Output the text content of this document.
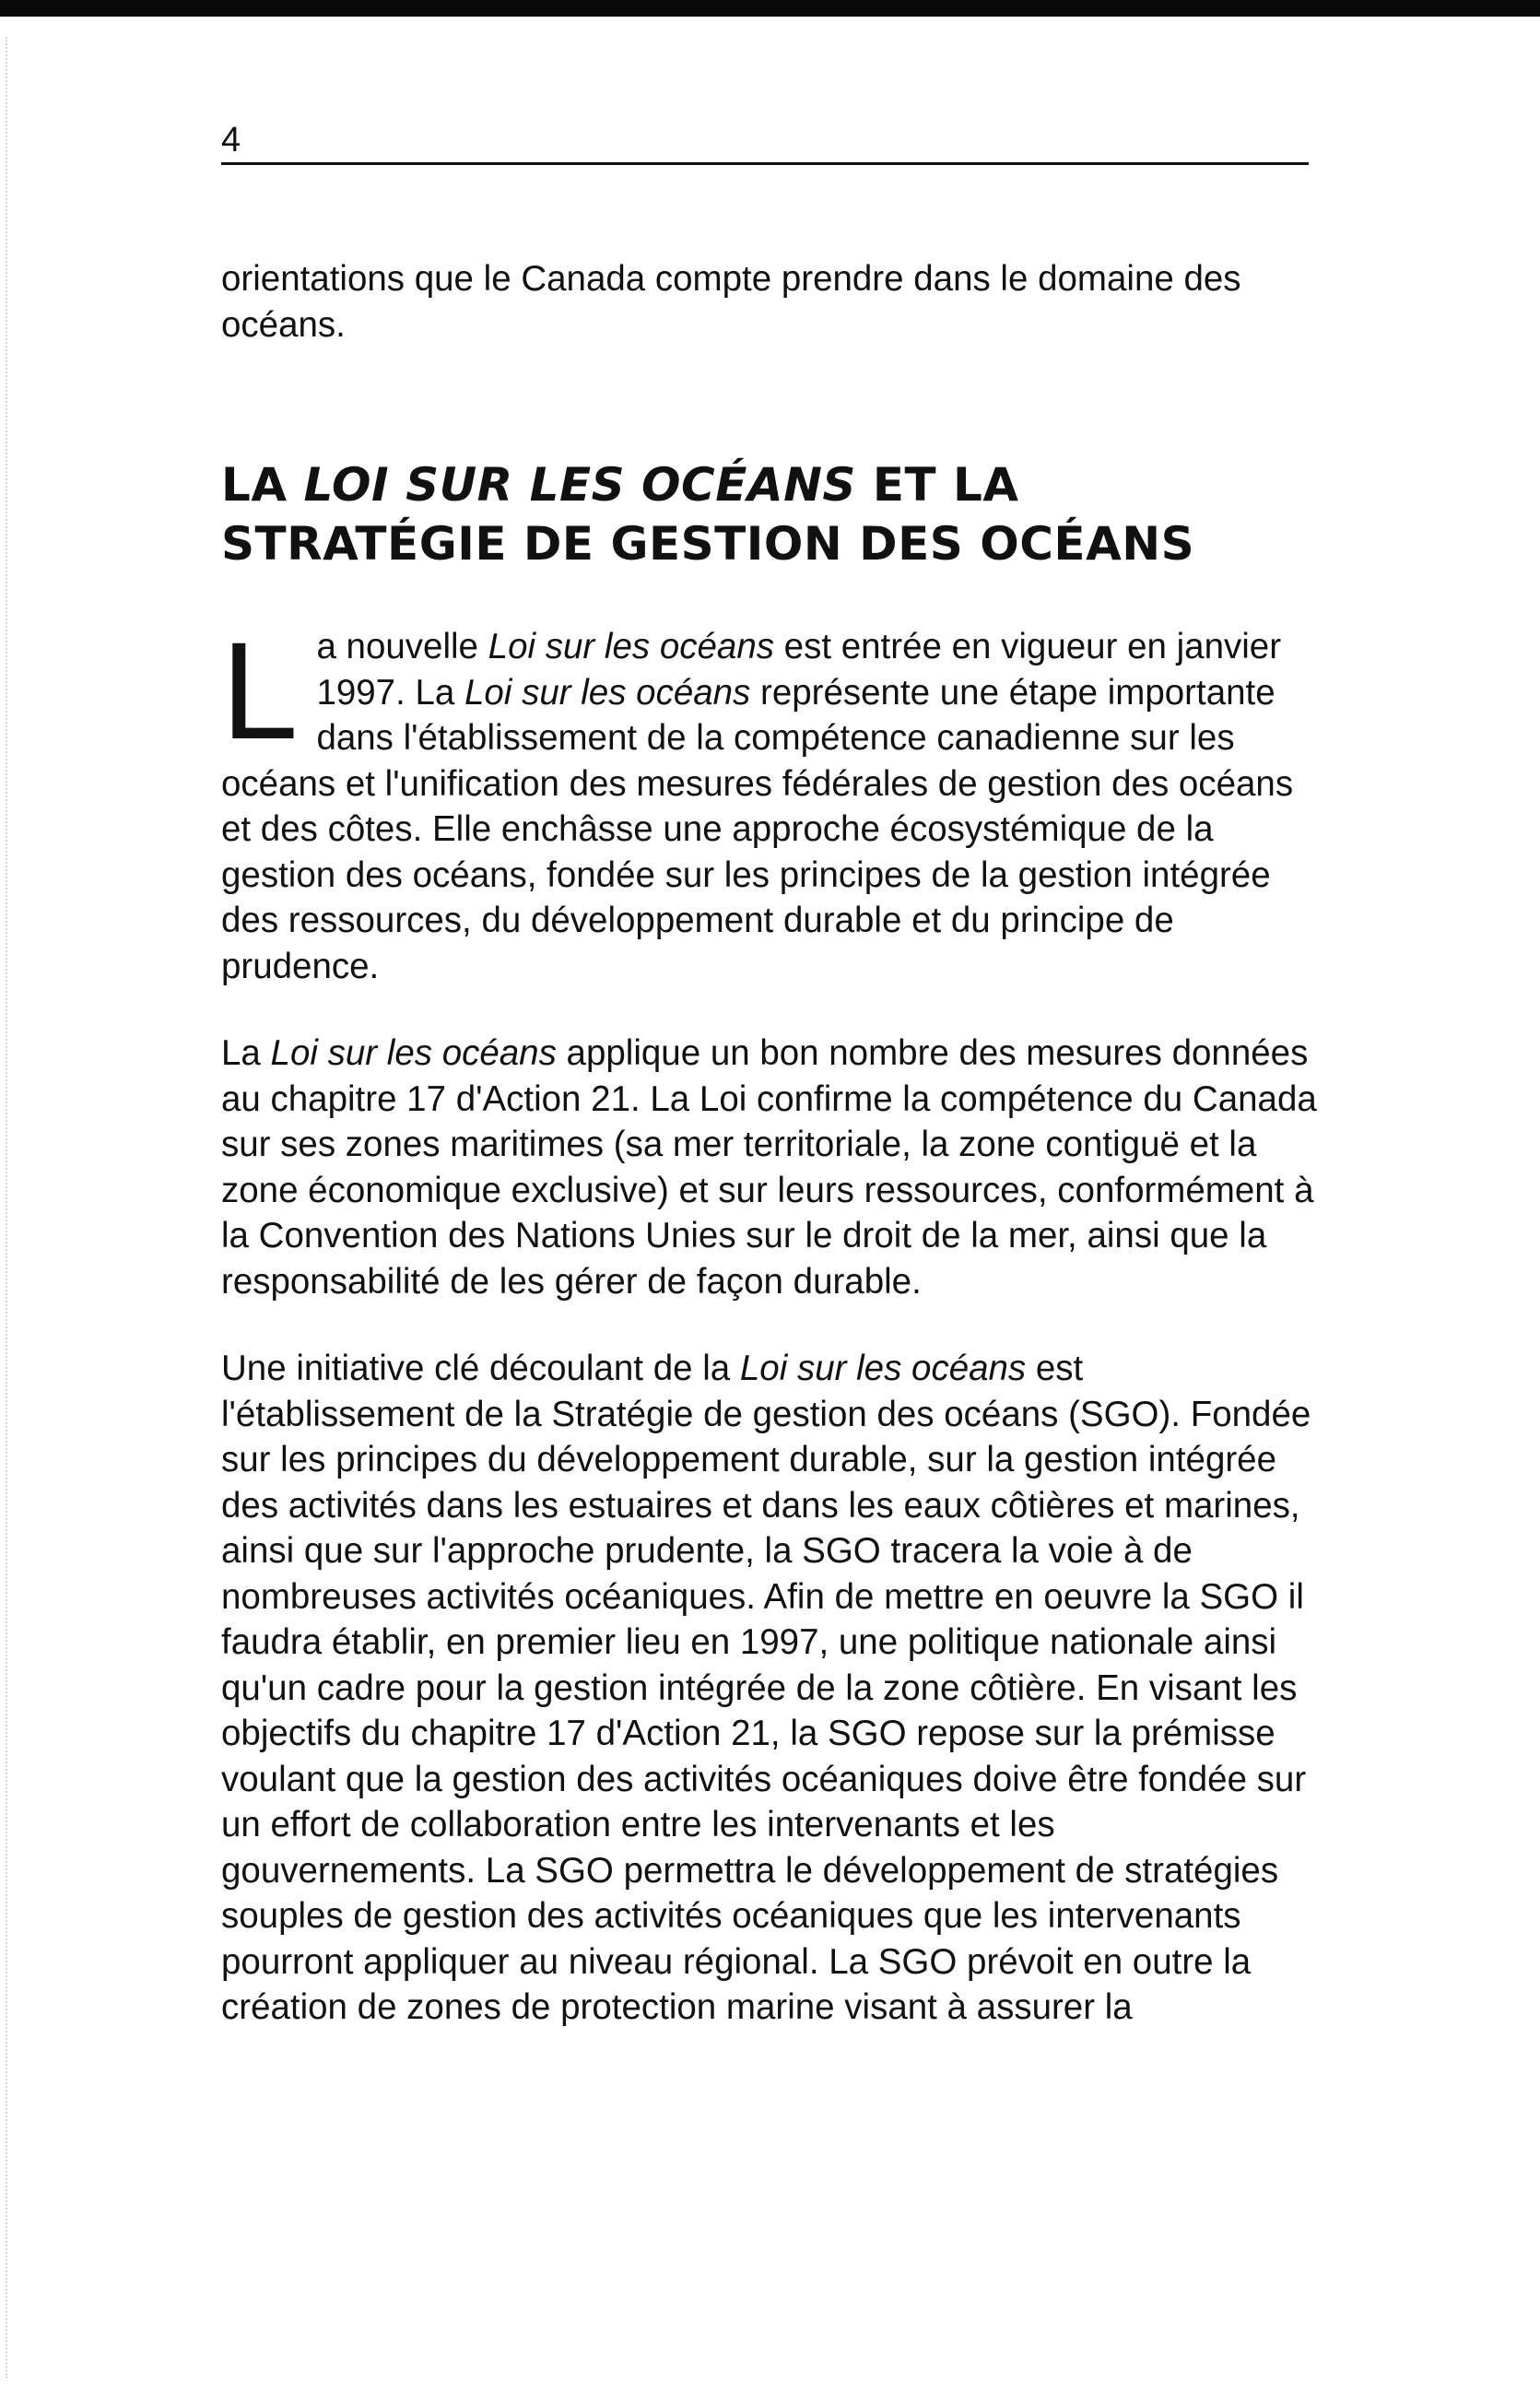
4

orientations que le Canada compte prendre dans le domaine des océans.

LA LOI SUR LES OCÉANS ET LA
STRATÉGIE DE GESTION DES OCÉANS

La nouvelle Loi sur les océans est entrée en vigueur en janvier 1997. La Loi sur les océans représente une étape importante dans l'établissement de la compétence canadienne sur les océans et l'unification des mesures fédérales de gestion des océans et des côtes. Elle enchâsse une approche écosystémique de la gestion des océans, fondée sur les principes de la gestion intégrée des ressources, du développement durable et du principe de prudence.

La Loi sur les océans applique un bon nombre des mesures données au chapitre 17 d'Action 21. La Loi confirme la compétence du Canada sur ses zones maritimes (sa mer territoriale, la zone contiguë et la zone économique exclusive) et sur leurs ressources, conformément à la Convention des Nations Unies sur le droit de la mer, ainsi que la responsabilité de les gérer de façon durable.

Une initiative clé découlant de la Loi sur les océans est l'établissement de la Stratégie de gestion des océans (SGO). Fondée sur les principes du développement durable, sur la gestion intégrée des activités dans les estuaires et dans les eaux côtières et marines, ainsi que sur l'approche prudente, la SGO tracera la voie à de nombreuses activités océaniques. Afin de mettre en oeuvre la SGO il faudra établir, en premier lieu en 1997, une politique nationale ainsi qu'un cadre pour la gestion intégrée de la zone côtière. En visant les objectifs du chapitre 17 d'Action 21, la SGO repose sur la prémisse voulant que la gestion des activités océaniques doive être fondée sur un effort de collaboration entre les intervenants et les gouvernements. La SGO permettra le développement de stratégies souples de gestion des activités océaniques que les intervenants pourront appliquer au niveau régional. La SGO prévoit en outre la création de zones de protection marine visant à assurer la
